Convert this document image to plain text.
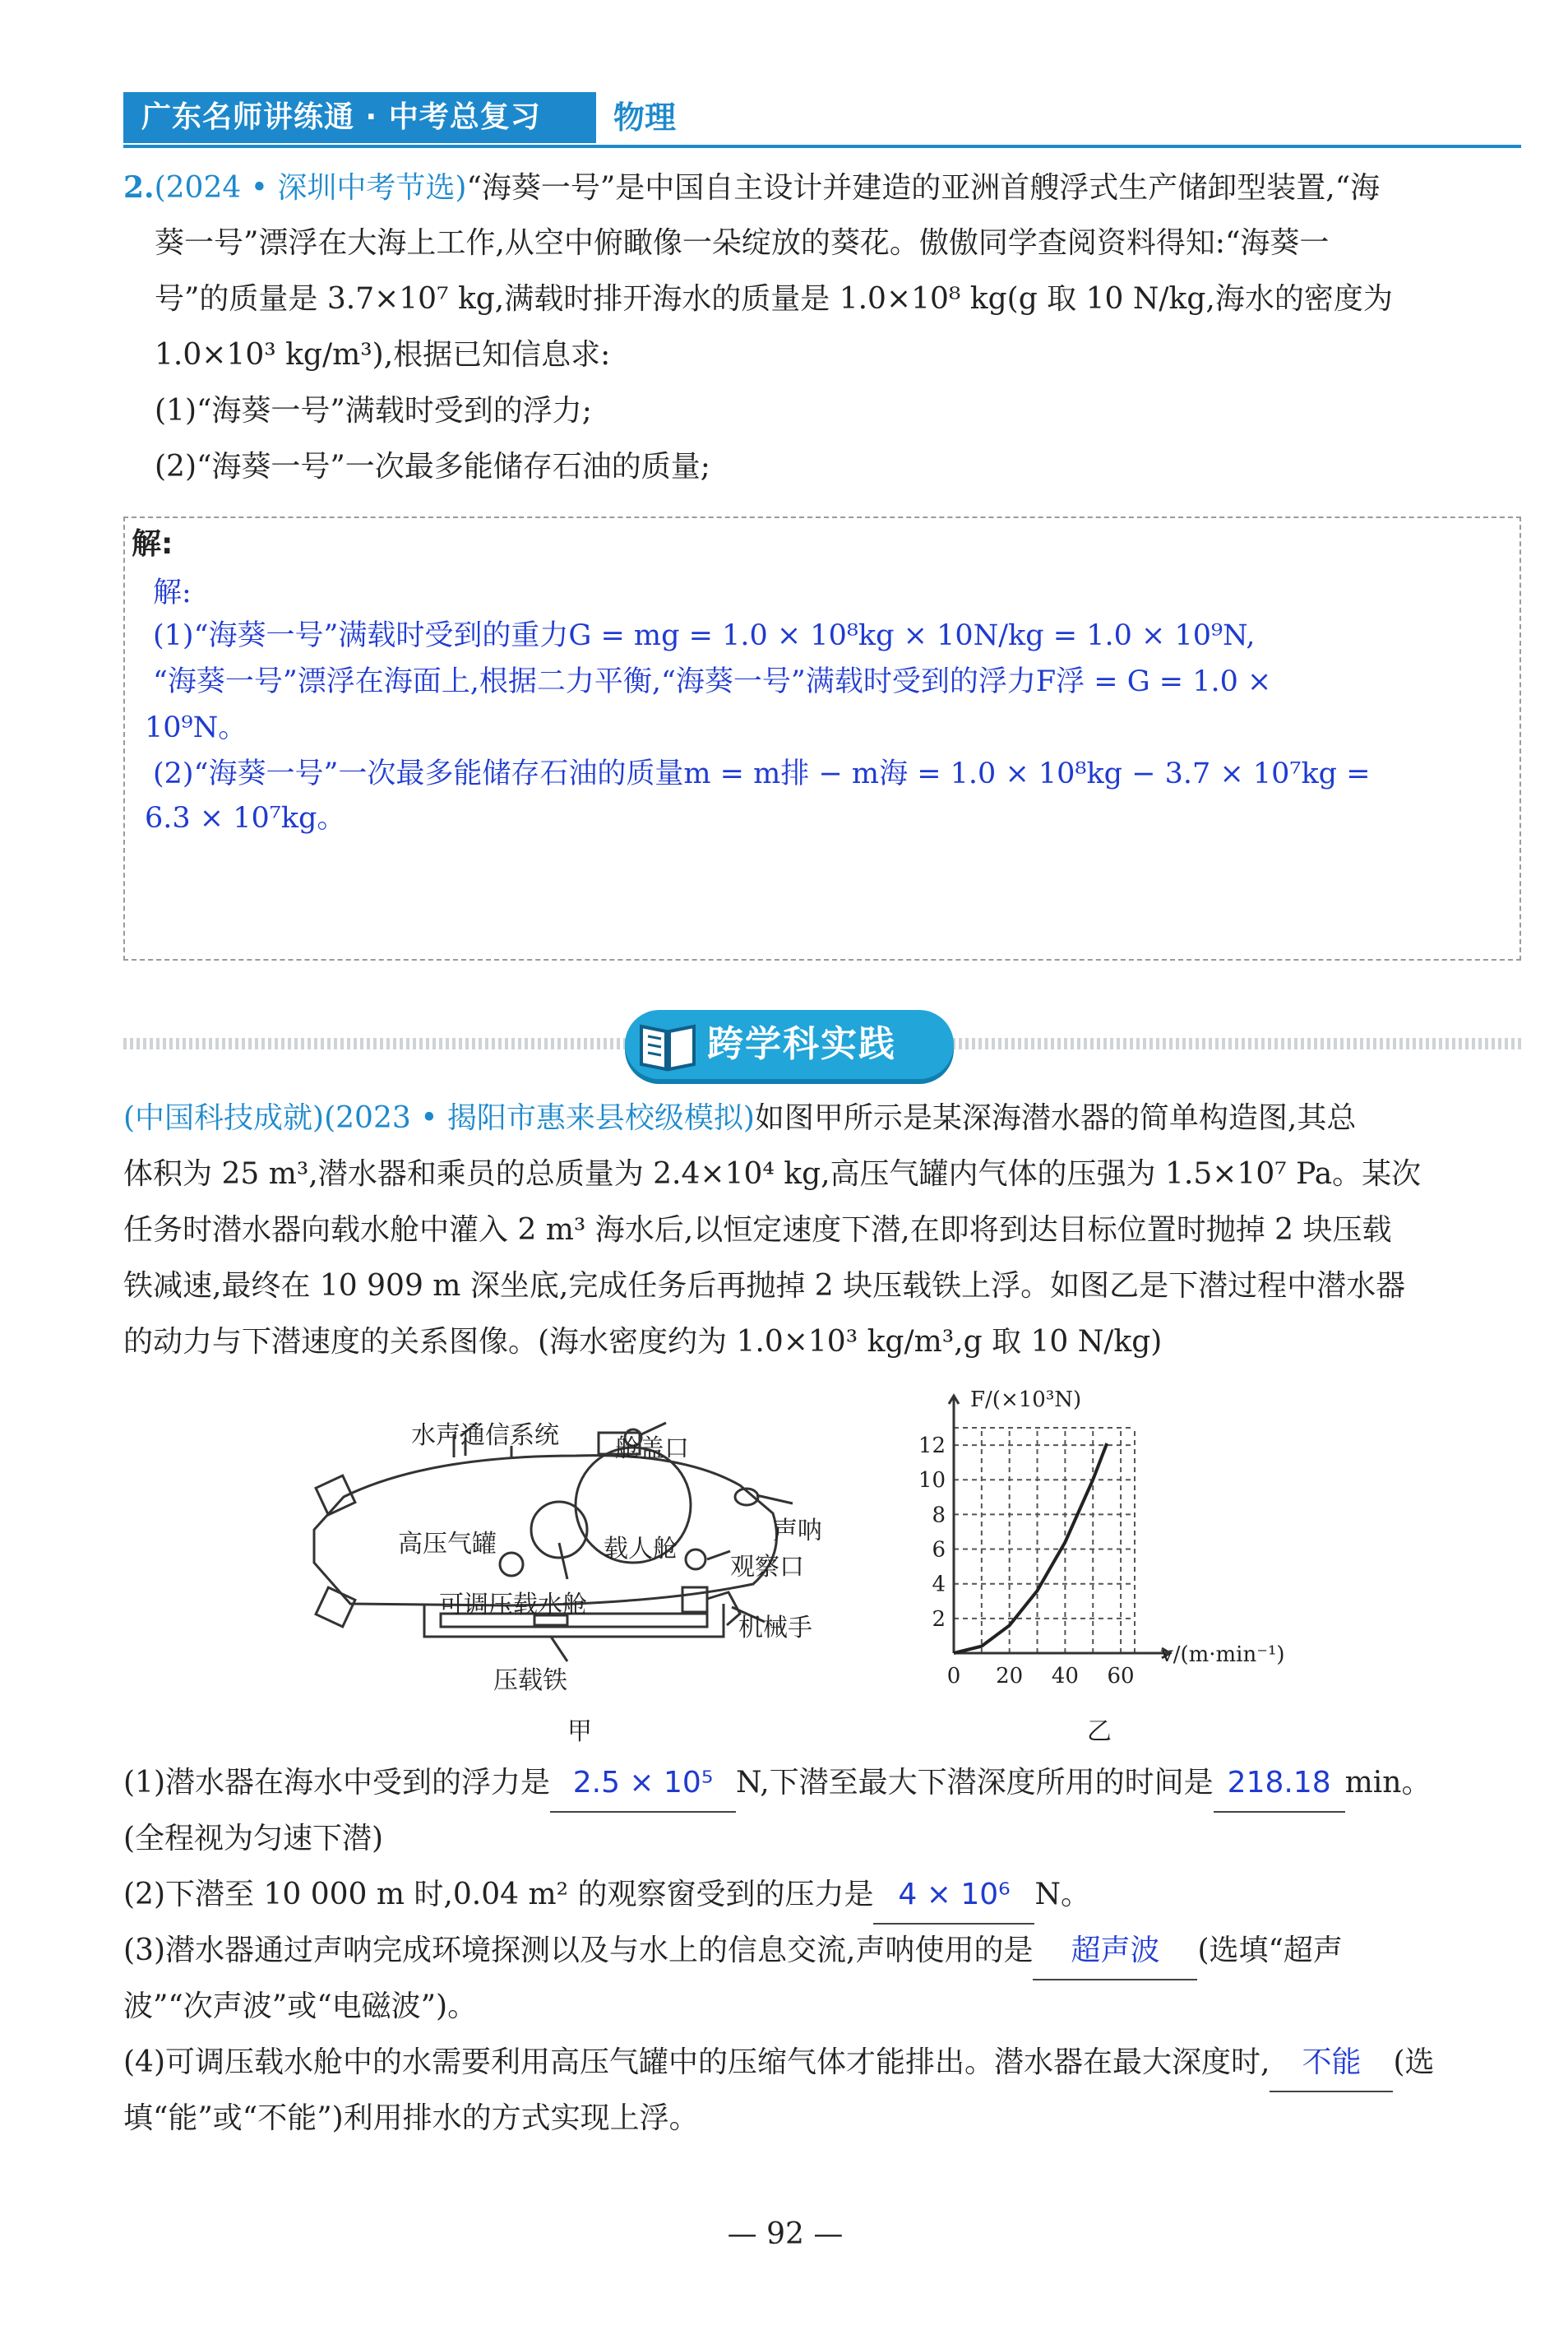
广东名师讲练通 · 中考总复习	物理
2.(2024 • 深圳中考节选)“海葵一号”是中国自主设计并建造的亚洲首艘浮式生产储卸型装置,“海
葵一号”漂浮在大海上工作,从空中俯瞰像一朵绽放的葵花。傲傲同学查阅资料得知:“海葵一
号”的质量是 3.7×10⁷ kg,满载时排开海水的质量是 1.0×10⁸ kg(g 取 10 N/kg,海水的密度为
1.0×10³ kg/m³),根据已知信息求:
(1)“海葵一号”满载时受到的浮力;
(2)“海葵一号”一次最多能储存石油的质量;
解:
解:
(1)“海葵一号”满载时受到的重力G = mg = 1.0 × 10⁸kg × 10N/kg = 1.0 × 10⁹N,
“海葵一号”漂浮在海面上,根据二力平衡,“海葵一号”满载时受到的浮力F浮 = G = 1.0 ×
10⁹N。
(2)“海葵一号”一次最多能储存石油的质量m = m排 − m海 = 1.0 × 10⁸kg − 3.7 × 10⁷kg =
6.3 × 10⁷kg。
跨学科实践
(中国科技成就)(2023 • 揭阳市惠来县校级模拟)如图甲所示是某深海潜水器的简单构造图,其总
体积为 25 m³,潜水器和乘员的总质量为 2.4×10⁴ kg,高压气罐内气体的压强为 1.5×10⁷ Pa。某次
任务时潜水器向载水舱中灌入 2 m³ 海水后,以恒定速度下潜,在即将到达目标位置时抛掉 2 块压载
铁减速,最终在 10 909 m 深坐底,完成任务后再抛掉 2 块压载铁上浮。如图乙是下潜过程中潜水器
的动力与下潜速度的关系图像。(海水密度约为 1.0×10³ kg/m³,g 取 10 N/kg)
水声通信系统 舱盖口
声呐
高压气罐	载人舱
观察口
可调压载水舱
机械手
压载铁
甲
2
4
6
8
10
12
0 20 40 60
F/(×10³N)
v/(m·min⁻¹)
乙
(1)潜水器在海水中受到的浮力是 2.5 × 10⁵ N,下潜至最大下潜深度所用的时间是 218.18 min。
(全程视为匀速下潜)
(2)下潜至 10 000 m 时,0.04 m² 的观察窗受到的压力是 4 × 10⁶ N。
(3)潜水器通过声呐完成环境探测以及与水上的信息交流,声呐使用的是 超声波 (选填“超声
波”“次声波”或“电磁波”)。
(4)可调压载水舱中的水需要利用高压气罐中的压缩气体才能排出。潜水器在最大深度时, 不能 (选
填“能”或“不能”)利用排水的方式实现上浮。
— 92 —
